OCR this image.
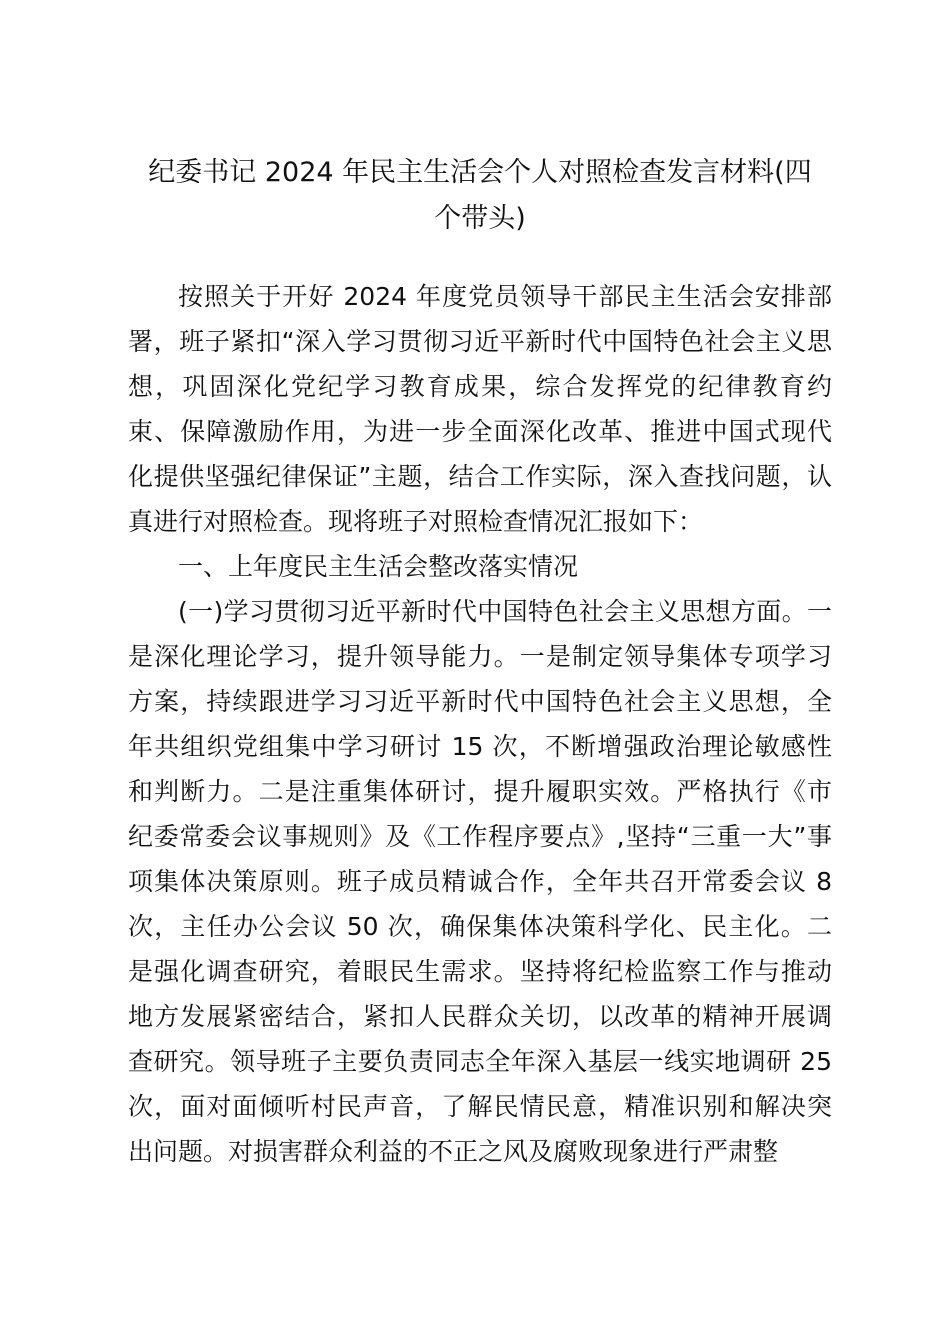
纪委书记 2024 年民主生活会个人对照检查发言材料(四
个带头)
按照关于开好 2024 年度党员领导干部民主生活会安排部
署，班子紧扣“深入学习贯彻习近平新时代中国特色社会主义思
想，巩固深化党纪学习教育成果，综合发挥党的纪律教育约
束、保障激励作用，为进一步全面深化改革、推进中国式现代
化提供坚强纪律保证”主题，结合工作实际，深入查找问题，认
真进行对照检查。现将班子对照检查情况汇报如下：
一、上年度民主生活会整改落实情况
(一)学习贯彻习近平新时代中国特色社会主义思想方面。一
是深化理论学习，提升领导能力。一是制定领导集体专项学习
方案，持续跟进学习习近平新时代中国特色社会主义思想，全
年共组织党组集中学习研讨 15 次，不断增强政治理论敏感性
和判断力。二是注重集体研讨，提升履职实效。严格执行《市
纪委常委会议事规则》及《工作程序要点》,坚持“三重一大”事
项集体决策原则。班子成员精诚合作，全年共召开常委会议 8
次，主任办公会议 50 次，确保集体决策科学化、民主化。二
是强化调查研究，着眼民生需求。坚持将纪检监察工作与推动
地方发展紧密结合，紧扣人民群众关切，以改革的精神开展调
查研究。领导班子主要负责同志全年深入基层一线实地调研 25
次，面对面倾听村民声音，了解民情民意，精准识别和解决突
出问题。对损害群众利益的不正之风及腐败现象进行严肃整
